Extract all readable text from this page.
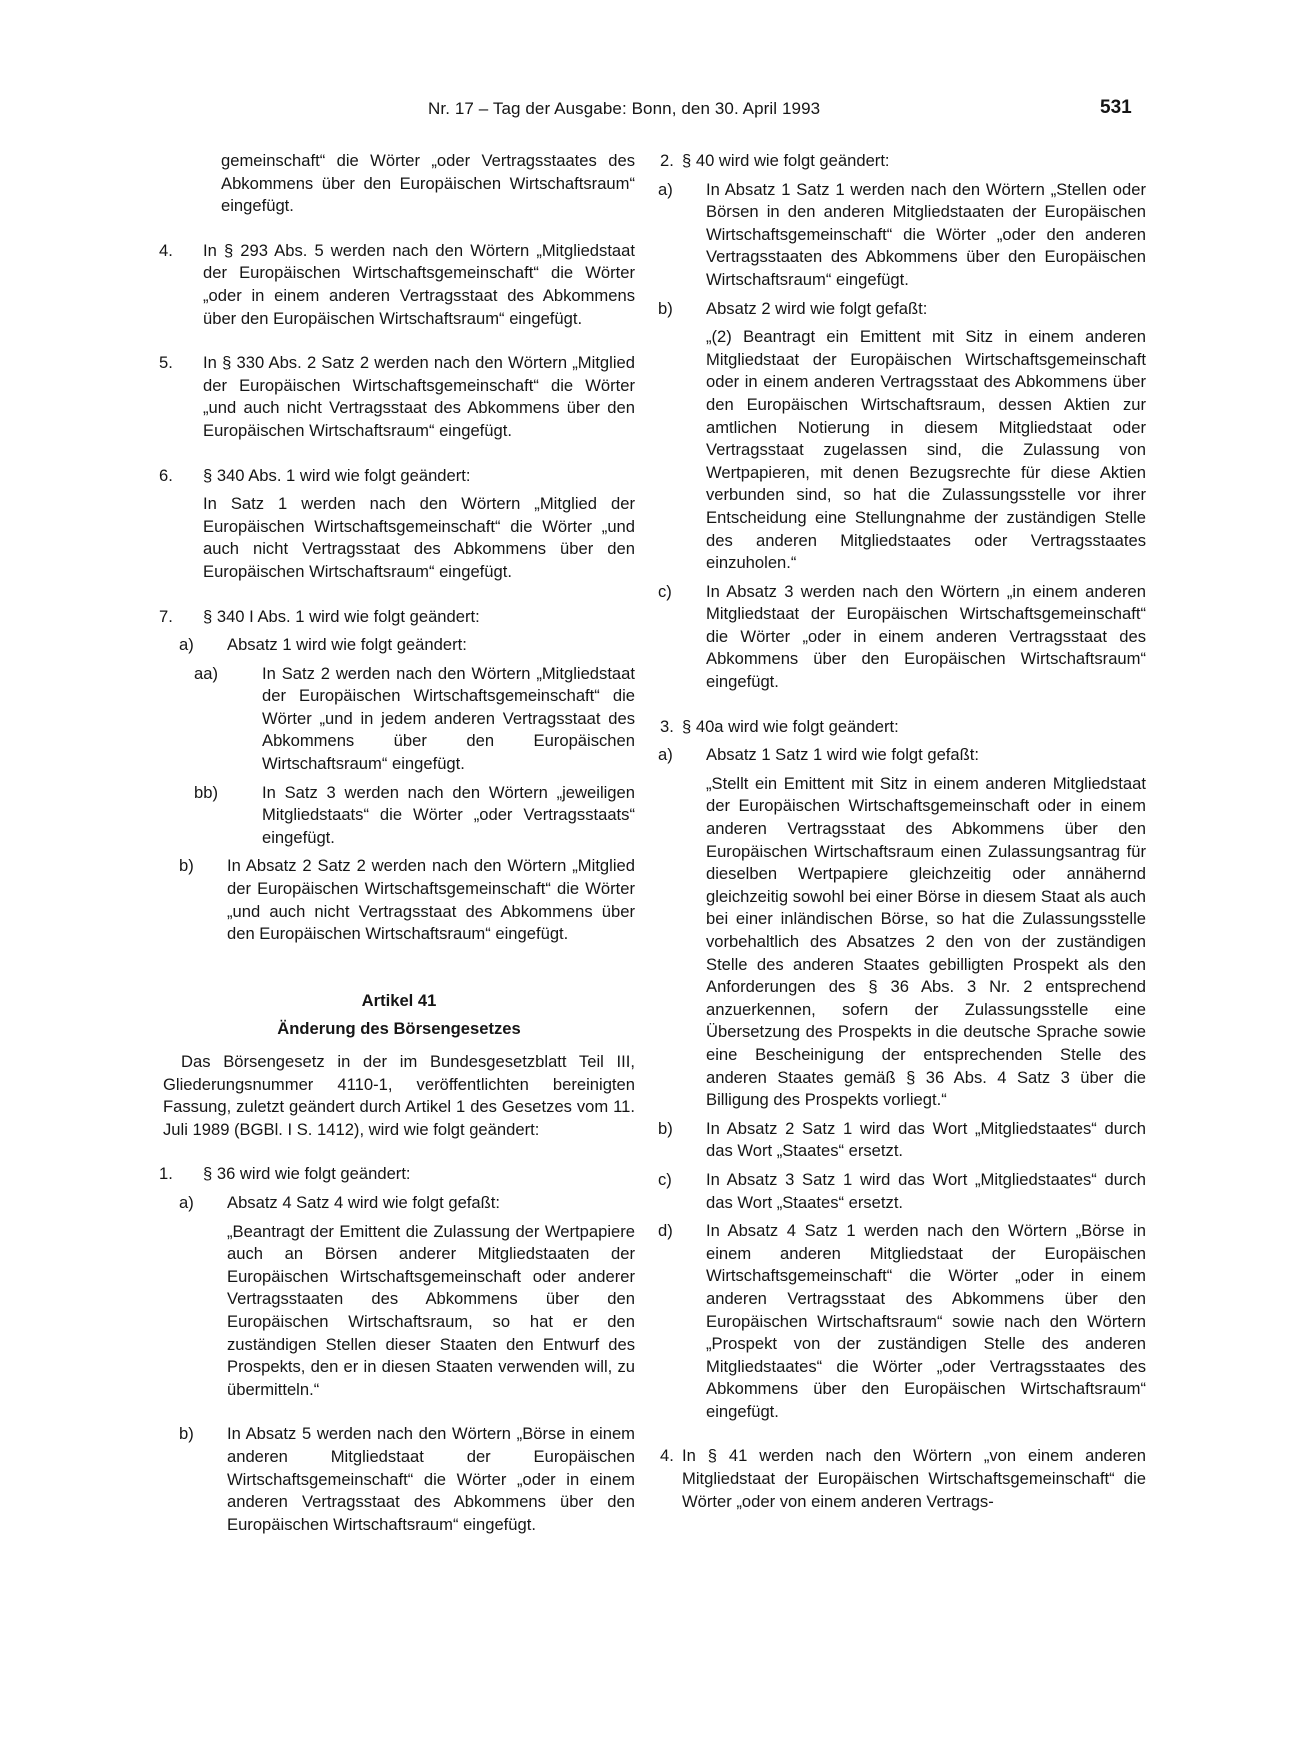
Nr. 17 – Tag der Ausgabe: Bonn, den 30. April 1993	531
gemeinschaft“ die Wörter „oder Vertragsstaates des Abkommens über den Europäischen Wirtschaftsraum“ eingefügt.
4. In § 293 Abs. 5 werden nach den Wörtern „Mitgliedstaat der Europäischen Wirtschaftsgemeinschaft“ die Wörter „oder in einem anderen Vertragsstaat des Abkommens über den Europäischen Wirtschaftsraum“ eingefügt.
5. In § 330 Abs. 2 Satz 2 werden nach den Wörtern „Mitglied der Europäischen Wirtschaftsgemeinschaft“ die Wörter „und auch nicht Vertragsstaat des Abkommens über den Europäischen Wirtschaftsraum“ eingefügt.
6. § 340 Abs. 1 wird wie folgt geändert:
In Satz 1 werden nach den Wörtern „Mitglied der Europäischen Wirtschaftsgemeinschaft“ die Wörter „und auch nicht Vertragsstaat des Abkommens über den Europäischen Wirtschaftsraum“ eingefügt.
7. § 340 I Abs. 1 wird wie folgt geändert:
a) Absatz 1 wird wie folgt geändert:
aa)	In Satz 2 werden nach den Wörtern „Mitgliedstaat der Europäischen Wirtschaftsgemeinschaft“ die Wörter „und in jedem anderen Vertragsstaat des Abkommens über den Europäischen Wirtschaftsraum“ eingefügt.
bb)	In Satz 3 werden nach den Wörtern „jeweiligen Mitgliedstaats“ die Wörter „oder Vertragsstaats“ eingefügt.
b) In Absatz 2 Satz 2 werden nach den Wörtern „Mitglied der Europäischen Wirtschaftsgemeinschaft“ die Wörter „und auch nicht Vertragsstaat des Abkommens über den Europäischen Wirtschaftsraum“ eingefügt.
Artikel 41
Änderung des Börsengesetzes
Das Börsengesetz in der im Bundesgesetzblatt Teil III, Gliederungsnummer 4110-1, veröffentlichten bereinigten Fassung, zuletzt geändert durch Artikel 1 des Gesetzes vom 11. Juli 1989 (BGBl. I S. 1412), wird wie folgt geändert:
1. § 36 wird wie folgt geändert:
a) Absatz 4 Satz 4 wird wie folgt gefaßt:
„Beantragt der Emittent die Zulassung der Wertpapiere auch an Börsen anderer Mitgliedstaaten der Europäischen Wirtschaftsgemeinschaft oder anderer Vertragsstaaten des Abkommens über den Europäischen Wirtschaftsraum, so hat er den zuständigen Stellen dieser Staaten den Entwurf des Prospekts, den er in diesen Staaten verwenden will, zu übermitteln.“
b) In Absatz 5 werden nach den Wörtern „Börse in einem anderen Mitgliedstaat der Europäischen Wirtschaftsgemeinschaft“ die Wörter „oder in einem anderen Vertragsstaat des Abkommens über den Europäischen Wirtschaftsraum“ eingefügt.
2. § 40 wird wie folgt geändert:
a) In Absatz 1 Satz 1 werden nach den Wörtern „Stellen oder Börsen in den anderen Mitgliedstaaten der Europäischen Wirtschaftsgemeinschaft“ die Wörter „oder den anderen Vertragsstaaten des Abkommens über den Europäischen Wirtschaftsraum“ eingefügt.
b) Absatz 2 wird wie folgt gefaßt:
„(2) Beantragt ein Emittent mit Sitz in einem anderen Mitgliedstaat der Europäischen Wirtschaftsgemeinschaft oder in einem anderen Vertragsstaat des Abkommens über den Europäischen Wirtschaftsraum, dessen Aktien zur amtlichen Notierung in diesem Mitgliedstaat oder Vertragsstaat zugelassen sind, die Zulassung von Wertpapieren, mit denen Bezugsrechte für diese Aktien verbunden sind, so hat die Zulassungsstelle vor ihrer Entscheidung eine Stellungnahme der zuständigen Stelle des anderen Mitgliedstaates oder Vertragsstaates einzuholen.“
c) In Absatz 3 werden nach den Wörtern „in einem anderen Mitgliedstaat der Europäischen Wirtschaftsgemeinschaft“ die Wörter „oder in einem anderen Vertragsstaat des Abkommens über den Europäischen Wirtschaftsraum“ eingefügt.
3. § 40a wird wie folgt geändert:
a) Absatz 1 Satz 1 wird wie folgt gefaßt:
„Stellt ein Emittent mit Sitz in einem anderen Mitgliedstaat der Europäischen Wirtschaftsgemeinschaft oder in einem anderen Vertragsstaat des Abkommens über den Europäischen Wirtschaftsraum einen Zulassungsantrag für dieselben Wertpapiere gleichzeitig oder annähernd gleichzeitig sowohl bei einer Börse in diesem Staat als auch bei einer inländischen Börse, so hat die Zulassungsstelle vorbehaltlich des Absatzes 2 den von der zuständigen Stelle des anderen Staates gebilligten Prospekt als den Anforderungen des § 36 Abs. 3 Nr. 2 entsprechend anzuerkennen, sofern der Zulassungsstelle eine Übersetzung des Prospekts in die deutsche Sprache sowie eine Bescheinigung der entsprechenden Stelle des anderen Staates gemäß § 36 Abs. 4 Satz 3 über die Billigung des Prospekts vorliegt.“
b) In Absatz 2 Satz 1 wird das Wort „Mitgliedstaates“ durch das Wort „Staates“ ersetzt.
c) In Absatz 3 Satz 1 wird das Wort „Mitgliedstaates“ durch das Wort „Staates“ ersetzt.
d) In Absatz 4 Satz 1 werden nach den Wörtern „Börse in einem anderen Mitgliedstaat der Europäischen Wirtschaftsgemeinschaft“ die Wörter „oder in einem anderen Vertragsstaat des Abkommens über den Europäischen Wirtschaftsraum“ sowie nach den Wörtern „Prospekt von der zuständigen Stelle des anderen Mitgliedstaates“ die Wörter „oder Vertragsstaates des Abkommens über den Europäischen Wirtschaftsraum“ eingefügt.
4. In § 41 werden nach den Wörtern „von einem anderen Mitgliedstaat der Europäischen Wirtschaftsgemeinschaft“ die Wörter „oder von einem anderen Vertrags-
